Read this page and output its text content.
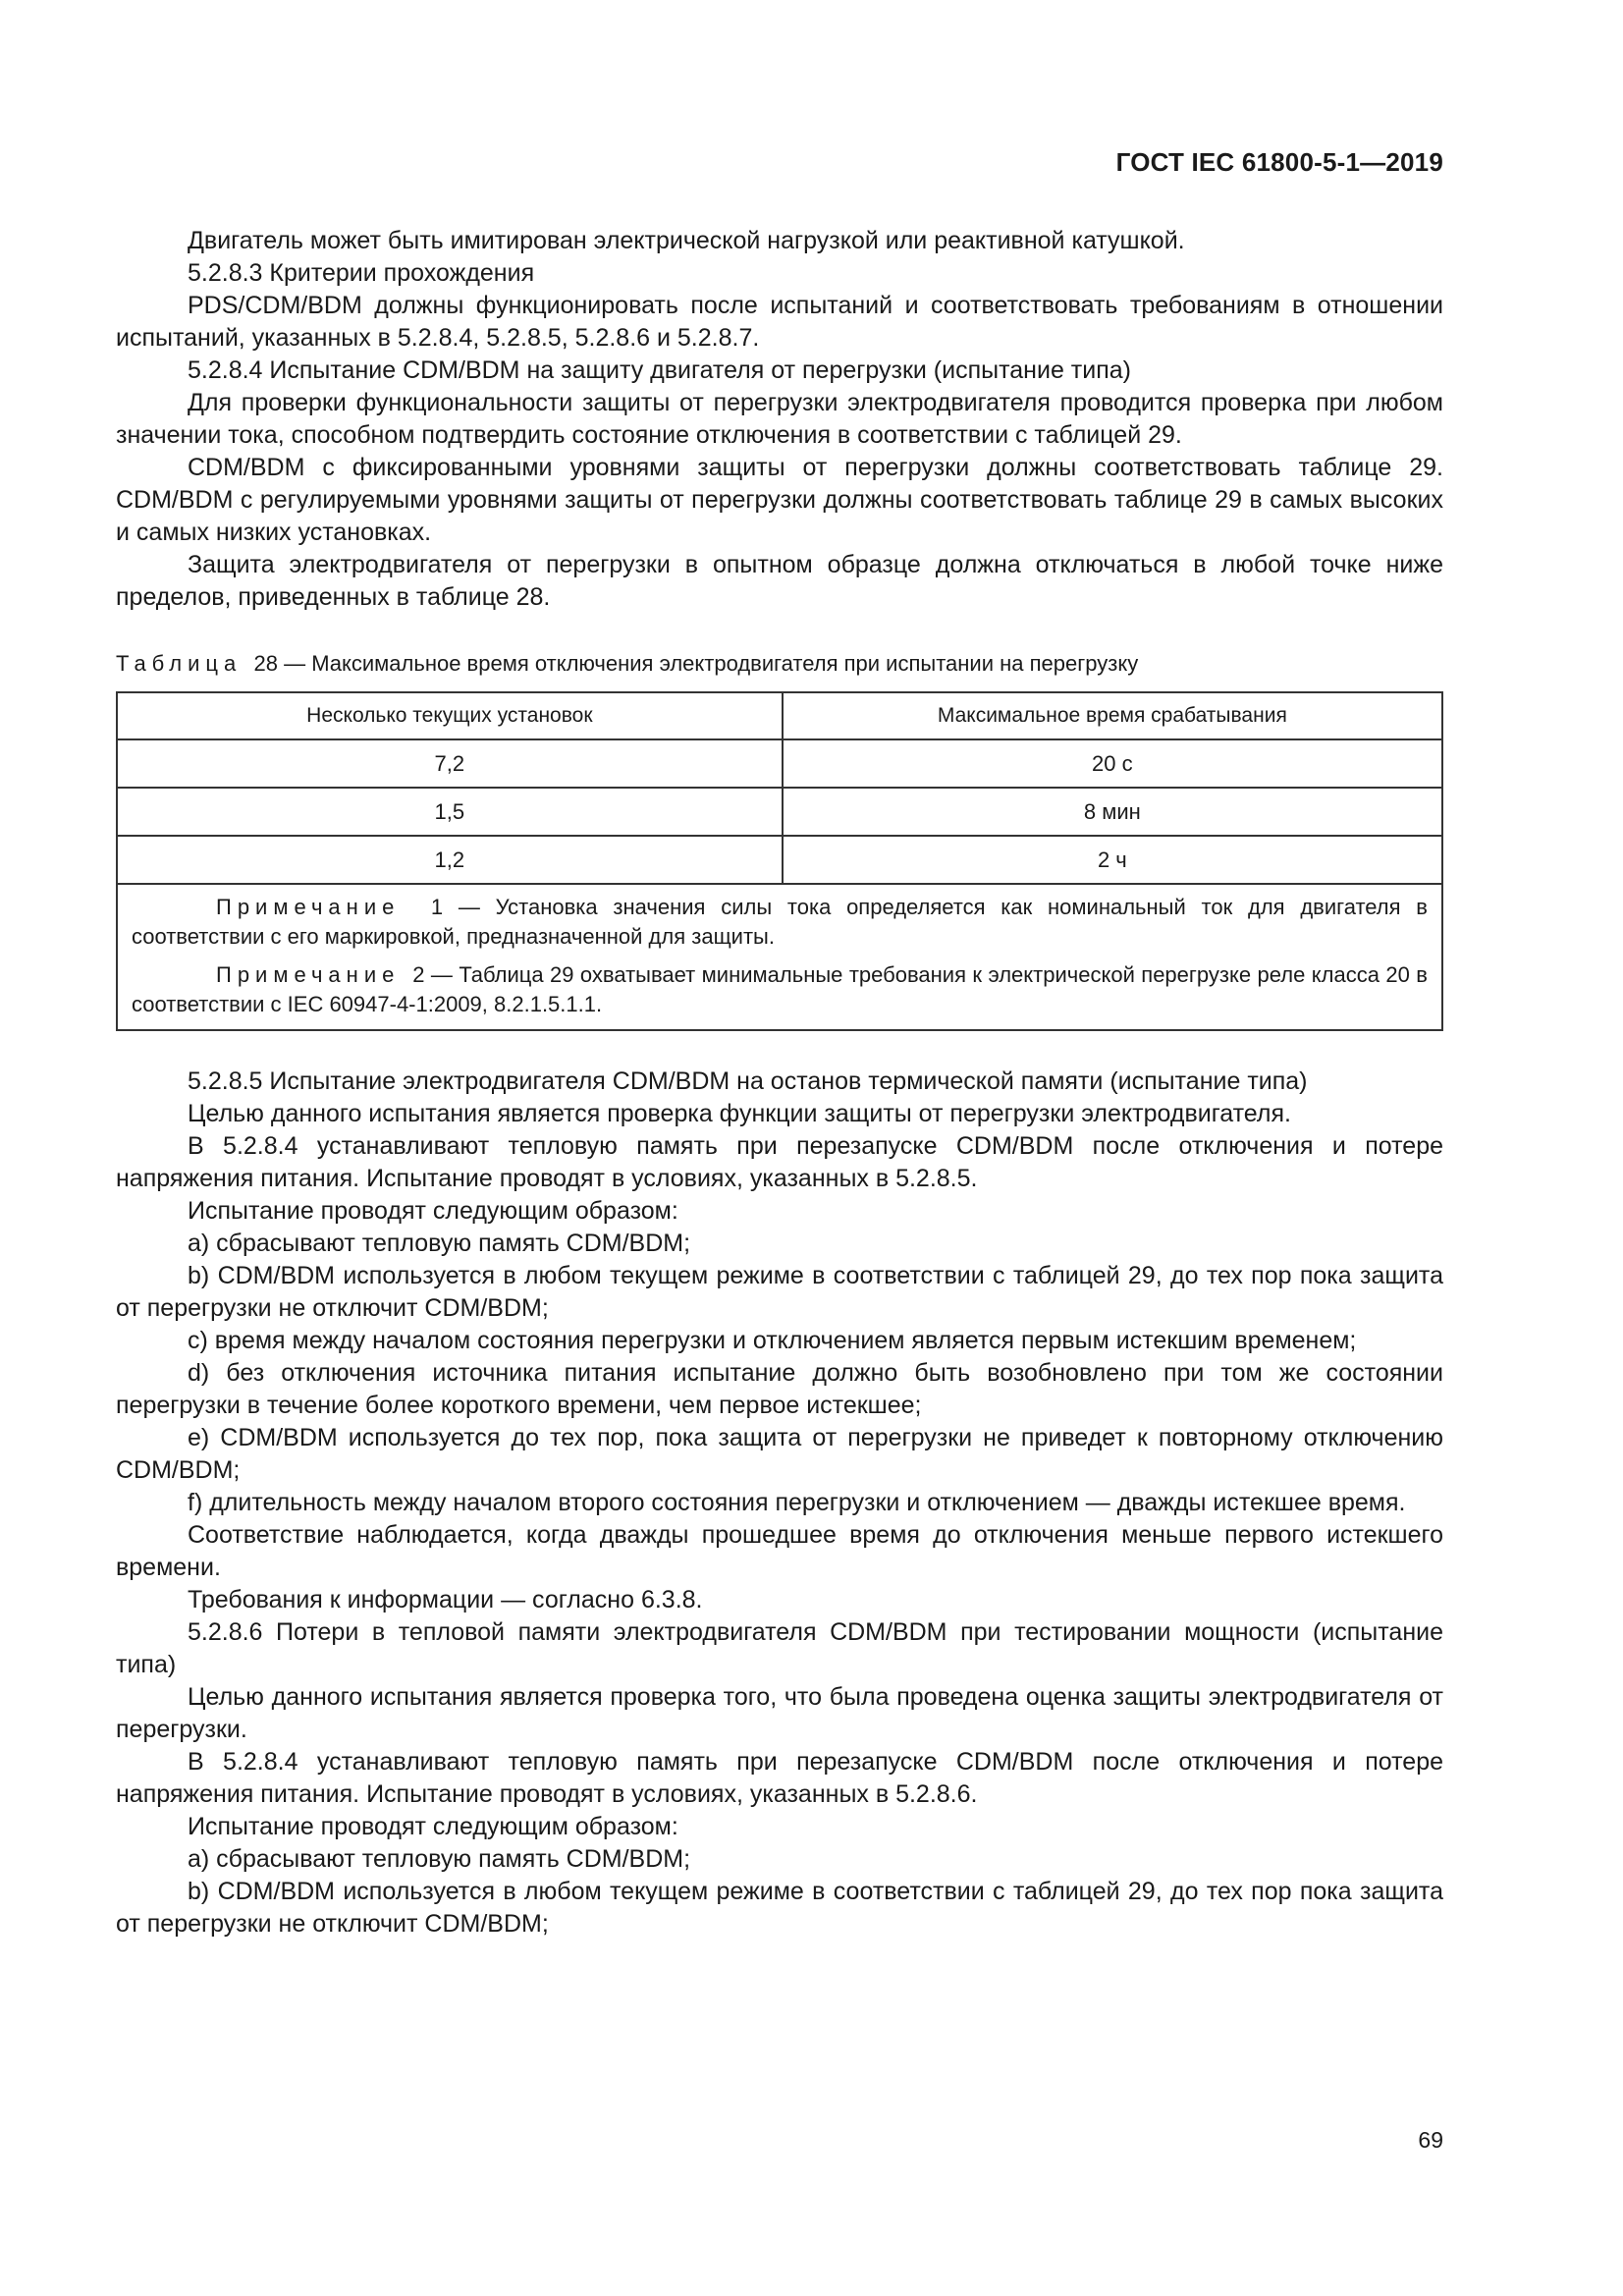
ГОСТ IEC 61800-5-1—2019

Двигатель может быть имитирован электрической нагрузкой или реактивной катушкой.

5.2.8.3 Критерии прохождения

PDS/CDM/BDM должны функционировать после испытаний и соответствовать требованиям в отношении испытаний, указанных в 5.2.8.4, 5.2.8.5, 5.2.8.6 и 5.2.8.7.

5.2.8.4 Испытание CDM/BDM на защиту двигателя от перегрузки (испытание типа)

Для проверки функциональности защиты от перегрузки электродвигателя проводится проверка при любом значении тока, способном подтвердить состояние отключения в соответствии с таблицей 29.

CDM/BDM с фиксированными уровнями защиты от перегрузки должны соответствовать таблице 29. CDM/BDM с регулируемыми уровнями защиты от перегрузки должны соответствовать таблице 29 в самых высоких и самых низких установках.

Защита электродвигателя от перегрузки в опытном образце должна отключаться в любой точке ниже пределов, приведенных в таблице 28.

Таблица 28 — Максимальное время отключения электродвигателя при испытании на перегрузку
Несколько текущих установок	Максимальное время срабатывания
7,2	20 с
1,5	8 мин
1,2	2 ч

Примечание 1 — Установка значения силы тока определяется как номинальный ток для двигателя в соответствии с его маркировкой, предназначенной для защиты.
Примечание 2 — Таблица 29 охватывает минимальные требования к электрической перегрузке реле класса 20 в соответствии с IEC 60947-4-1:2009, 8.2.1.5.1.1.	

5.2.8.5 Испытание электродвигателя CDM/BDM на останов термической памяти (испытание типа)

Целью данного испытания является проверка функции защиты от перегрузки электродвигателя.

В 5.2.8.4 устанавливают тепловую память при перезапуске CDM/BDM после отключения и потере напряжения питания. Испытание проводят в условиях, указанных в 5.2.8.5.

Испытание проводят следующим образом:

a) сбрасывают тепловую память CDM/BDM;

b) CDM/BDM используется в любом текущем режиме в соответствии с таблицей 29, до тех пор пока защита от перегрузки не отключит CDM/BDM;

c) время между началом состояния перегрузки и отключением является первым истекшим временем;

d) без отключения источника питания испытание должно быть возобновлено при том же состоянии перегрузки в течение более короткого времени, чем первое истекшее;

e) CDM/BDM используется до тех пор, пока защита от перегрузки не приведет к повторному отключению CDM/BDM;

f) длительность между началом второго состояния перегрузки и отключением — дважды истекшее время.

Соответствие наблюдается, когда дважды прошедшее время до отключения меньше первого истекшего времени.

Требования к информации — согласно 6.3.8.

5.2.8.6 Потери в тепловой памяти электродвигателя CDM/BDM при тестировании мощности (испытание типа)

Целью данного испытания является проверка того, что была проведена оценка защиты электродвигателя от перегрузки.

В 5.2.8.4 устанавливают тепловую память при перезапуске CDM/BDM после отключения и потере напряжения питания. Испытание проводят в условиях, указанных в 5.2.8.6.

Испытание проводят следующим образом:

a) сбрасывают тепловую память CDM/BDM;

b) CDM/BDM используется в любом текущем режиме в соответствии с таблицей 29, до тех пор пока защита от перегрузки не отключит CDM/BDM;

69
